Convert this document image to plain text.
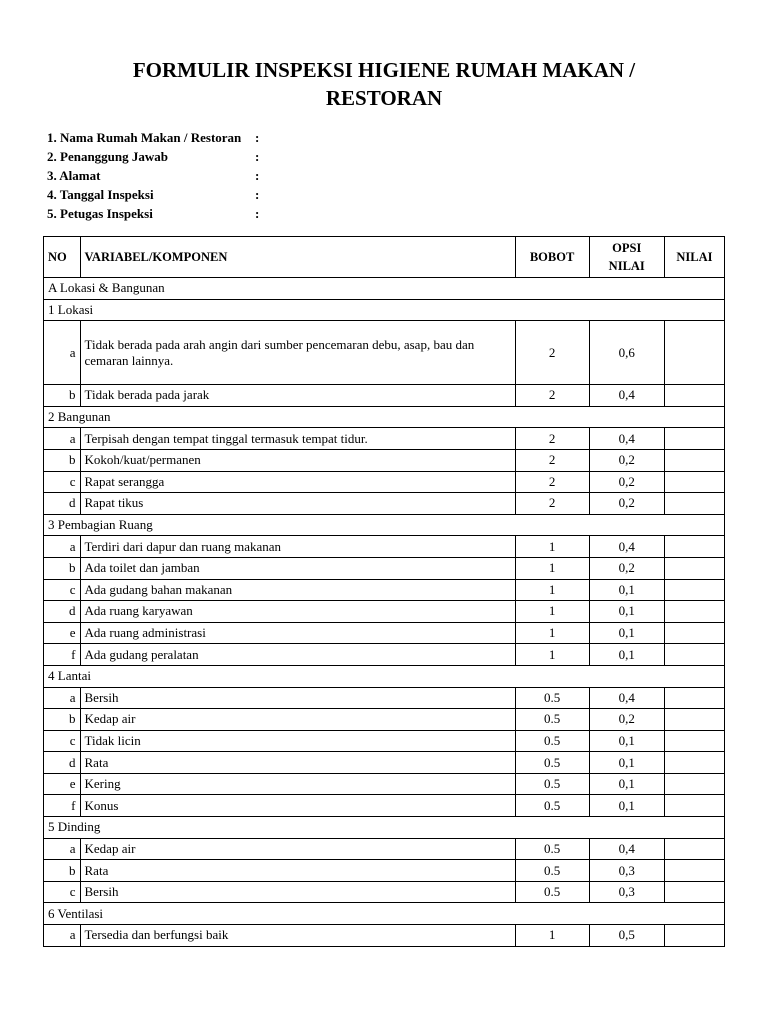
FORMULIR INSPEKSI HIGIENE RUMAH MAKAN /
RESTORAN
1. Nama Rumah Makan / Restoran :
2. Penanggung Jawab	:
3. Alamat	:
4. Tanggal Inspeksi	:
5. Petugas Inspeksi	:
NO	VARIABEL/KOMPONEN	BOBOT	OPSI NILAI	NILAI
A Lokasi & Bangunan				
1 Lokasi				
a	Tidak berada pada arah angin dari sumber pencemaran debu, asap, bau dan cemaran lainnya.	2	0,6	
b	Tidak berada pada jarak	2	0,4	
2 Bangunan				
a	Terpisah dengan tempat tinggal termasuk tempat tidur.	2	0,4	
b	Kokoh/kuat/permanen	2	0,2	
c	Rapat serangga	2	0,2	
d	Rapat tikus	2	0,2	
3 Pembagian Ruang				
a	Terdiri dari dapur dan ruang makanan	1	0,4	
b	Ada toilet dan jamban	1	0,2	
c	Ada gudang bahan makanan	1	0,1	
d	Ada ruang karyawan	1	0,1	
e	Ada ruang administrasi	1	0,1	
f	Ada gudang peralatan	1	0,1	
4 Lantai				
a	Bersih	0.5	0,4	
b	Kedap air	0.5	0,2	
c	Tidak licin	0.5	0,1	
d	Rata	0.5	0,1	
e	Kering	0.5	0,1	
f	Konus	0.5	0,1	
5 Dinding				
a	Kedap air	0.5	0,4	
b	Rata	0.5	0,3	
c	Bersih	0.5	0,3	
6 Ventilasi				
a	Tersedia dan berfungsi baik	1	0,5	
